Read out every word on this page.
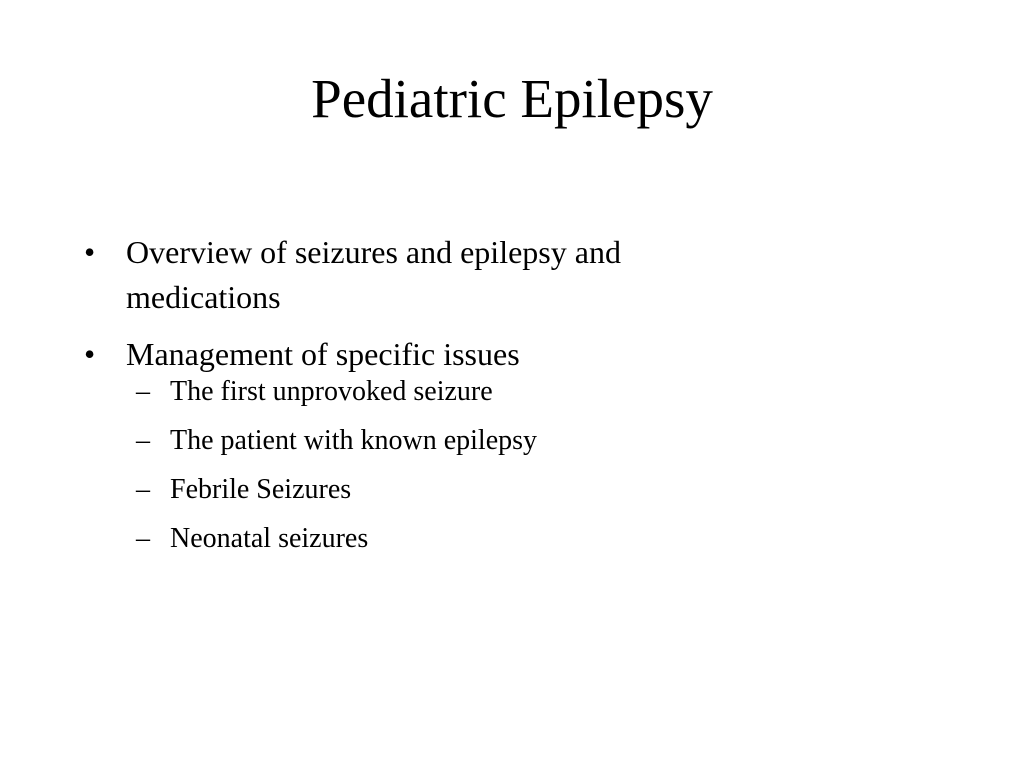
Pediatric Epilepsy
• Overview of seizures and epilepsy and medications
• Management of specific issues
– The first unprovoked seizure
– The patient with known epilepsy
– Febrile Seizures
– Neonatal seizures
